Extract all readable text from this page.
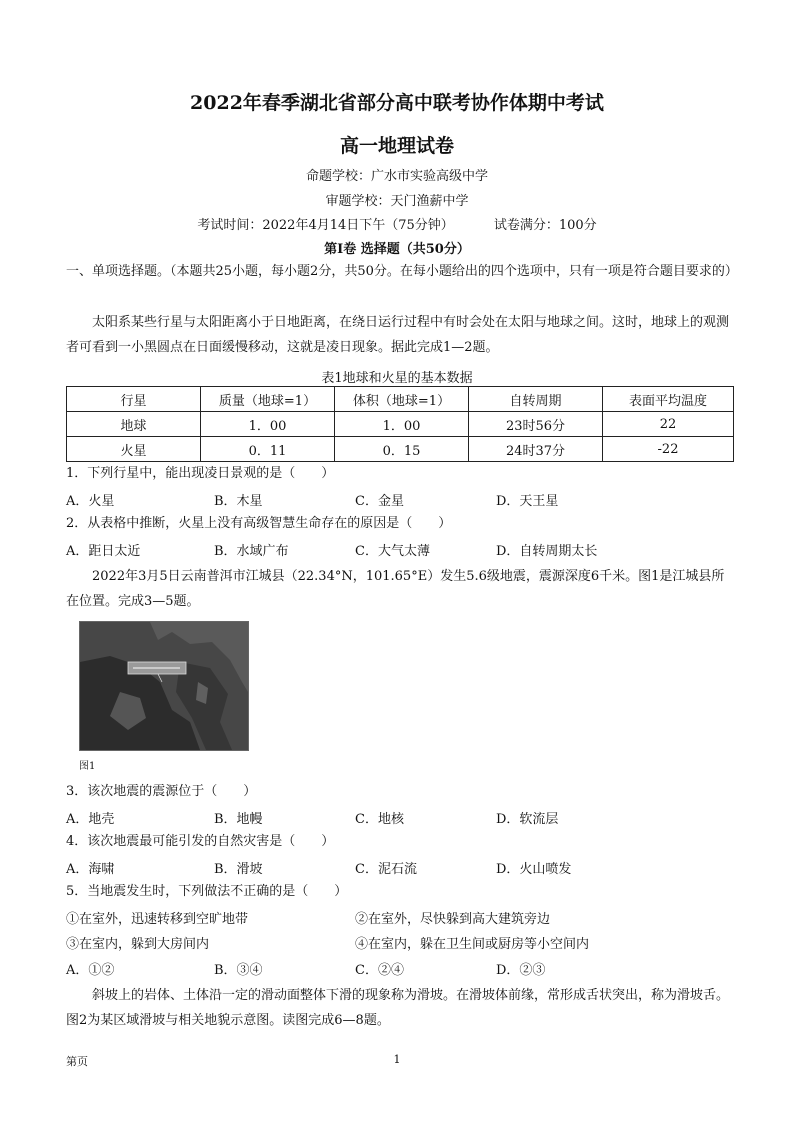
2022年春季湖北省部分高中联考协作体期中考试
高一地理试卷
命题学校：广水市实验高级中学
审题学校：天门渔薪中学
考试时间：2022年4月14日下午（75分钟）	试卷满分：100分
第Ⅰ卷 选择题（共50分）
一、单项选择题。（本题共25小题，每小题2分，共50分。在每小题给出的四个选项中，只有一项是符合题目要求的）
太阳系某些行星与太阳距离小于日地距离，在绕日运行过程中有时会处在太阳与地球之间。这时，地球上的观测者可看到一小黑圆点在日面缓慢移动，这就是凌日现象。据此完成1—2题。
表1地球和火星的基本数据
行星	质量（地球=1）	体积（地球=1）	自转周期	表面平均温度
地球	1．00	1．00	23时56分	22
火星	0．11	0．15	24时37分	-22
1．下列行星中，能出现凌日景观的是（　　）
A．火星	B．木星	C．金星	D．天王星
2．从表格中推断，火星上没有高级智慧生命存在的原因是（　　）
A．距日太近	B．水域广布	C．大气太薄	D．自转周期太长
2022年3月5日云南普洱市江城县（22.34°N，101.65°E）发生5.6级地震，震源深度6千米。图1是江城县所在位置。完成3—5题。
图1
3．该次地震的震源位于（　　）
A．地壳	B．地幔	C．地核	D．软流层
4．该次地震最可能引发的自然灾害是（　　）
A．海啸	B．滑坡	C．泥石流	D．火山喷发
5．当地震发生时，下列做法不正确的是（　　）
①在室外，迅速转移到空旷地带	②在室外，尽快躲到高大建筑旁边
③在室内，躲到大房间内	④在室内，躲在卫生间或厨房等小空间内
A．①②	B．③④	C．②④	D．②③
斜坡上的岩体、土体沿一定的滑动面整体下滑的现象称为滑坡。在滑坡体前缘，常形成舌状突出，称为滑坡舌。图2为某区域滑坡与相关地貌示意图。读图完成6—8题。
第页	1
